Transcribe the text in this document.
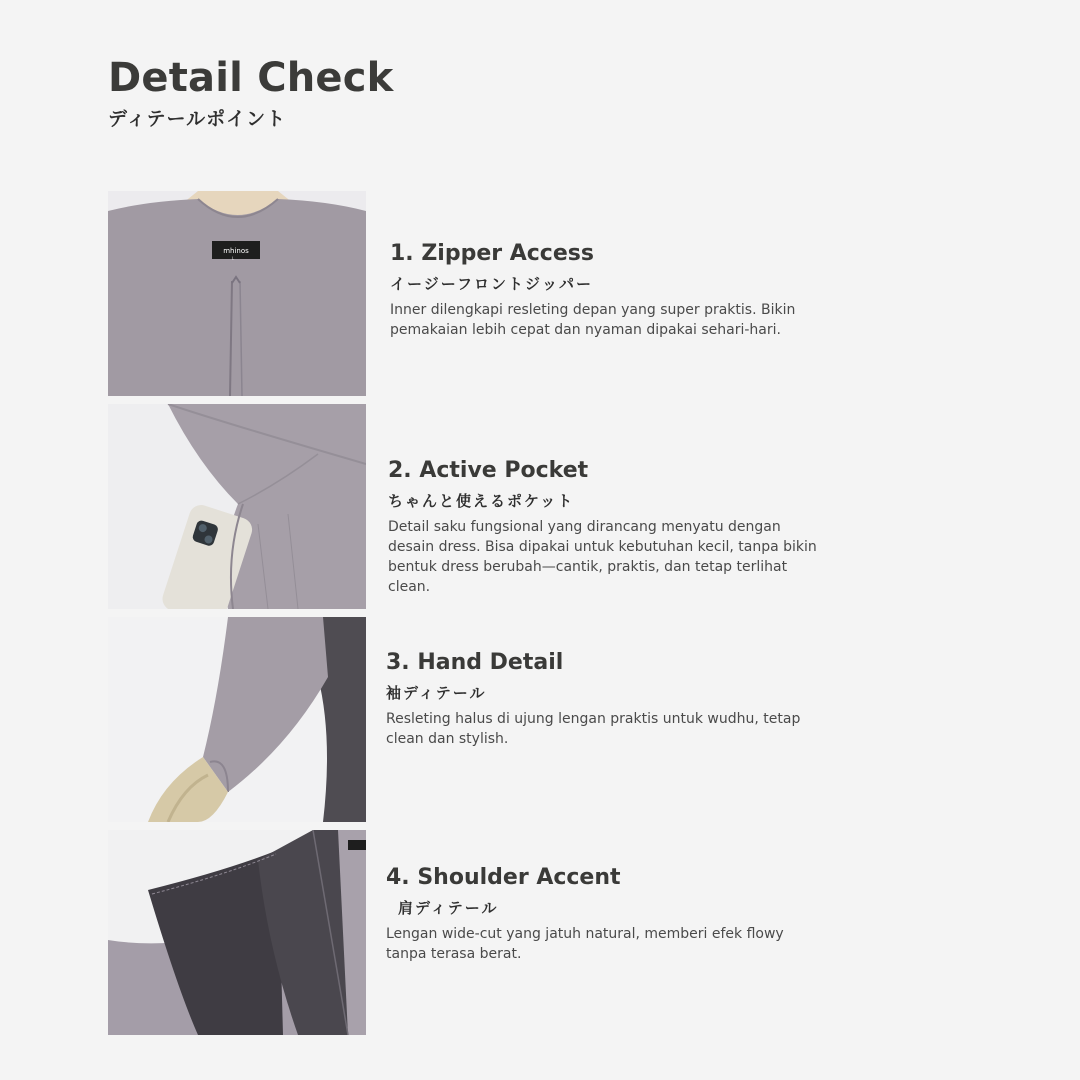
Detail Check
ディテールポイント
mhinos
L	1. Zipper Access
イージーフロントジッパー
Inner dilengkapi resleting depan yang super praktis. Bikin pemakaian lebih cepat dan nyaman dipakai sehari-hari.
2. Active Pocket
ちゃんと使えるポケット
Detail saku fungsional yang dirancang menyatu dengan desain dress. Bisa dipakai untuk kebutuhan kecil, tanpa bikin bentuk dress berubah—cantik, praktis, dan tetap terlihat clean.
3. Hand Detail
袖ディテール
Resleting halus di ujung lengan praktis untuk wudhu, tetap clean dan stylish.
4. Shoulder Accent
肩ディテール
Lengan wide-cut yang jatuh natural, memberi efek flowy tanpa terasa berat.
